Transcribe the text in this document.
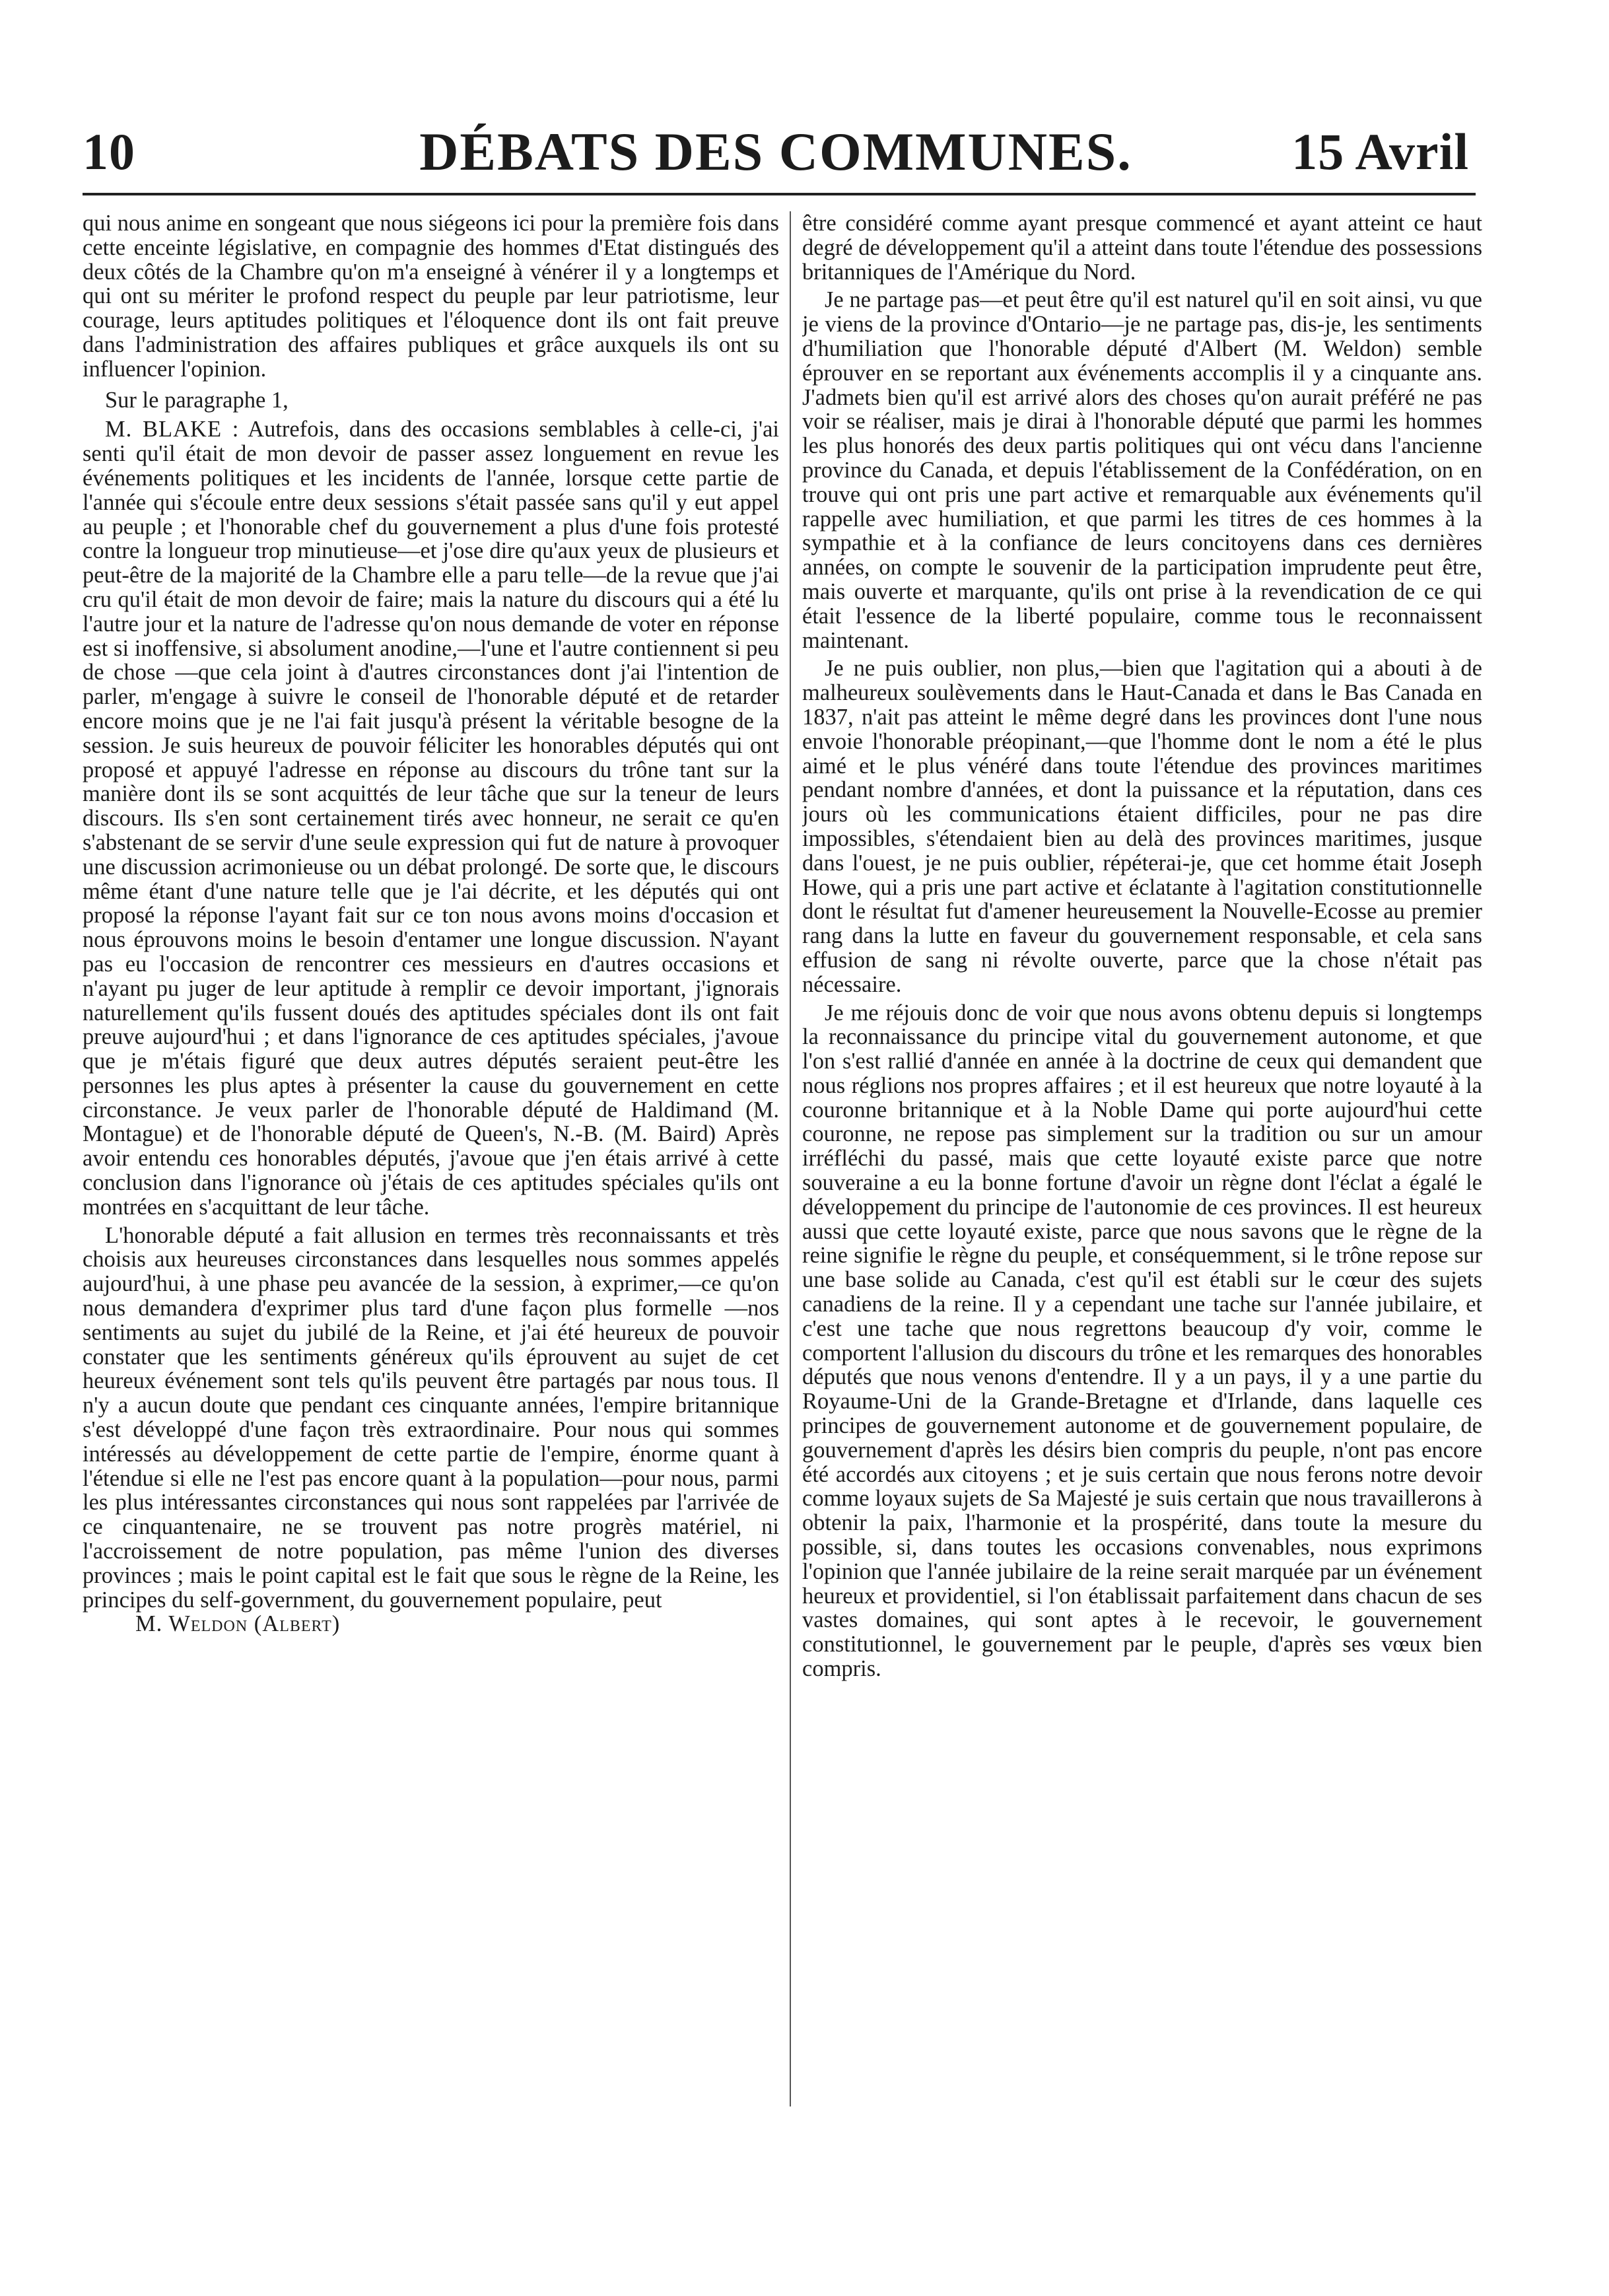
10	DÉBATS DES COMMUNES.	15 Avril

qui nous anime en songeant que nous siégeons ici pour la première fois dans cette enceinte législative, en compagnie des hommes d'Etat distingués des deux côtés de la Chambre qu'on m'a enseigné à vénérer il y a longtemps et qui ont su mériter le profond respect du peuple par leur patriotisme, leur courage, leurs aptitudes politiques et l'éloquence dont ils ont fait preuve dans l'administration des affaires publiques et grâce auxquels ils ont su influencer l'opinion.

Sur le paragraphe 1,

M. BLAKE : Autrefois, dans des occasions semblables à celle-ci, j'ai senti qu'il était de mon devoir de passer assez longuement en revue les événements politiques et les incidents de l'année, lorsque cette partie de l'année qui s'écoule entre deux sessions s'était passée sans qu'il y eut appel au peuple ; et l'honorable chef du gouvernement a plus d'une fois protesté contre la longueur trop minutieuse—et j'ose dire qu'aux yeux de plusieurs et peut-être de la majorité de la Chambre elle a paru telle—de la revue que j'ai cru qu'il était de mon devoir de faire; mais la nature du discours qui a été lu l'autre jour et la nature de l'adresse qu'on nous demande de voter en réponse est si inoffensive, si absolument anodine,—l'une et l'autre contiennent si peu de chose —que cela joint à d'autres circonstances dont j'ai l'intention de parler, m'engage à suivre le conseil de l'honorable député et de retarder encore moins que je ne l'ai fait jusqu'à présent la véritable besogne de la session. Je suis heureux de pouvoir féliciter les honorables députés qui ont proposé et appuyé l'adresse en réponse au discours du trône tant sur la manière dont ils se sont acquittés de leur tâche que sur la teneur de leurs discours. Ils s'en sont certainement tirés avec honneur, ne serait ce qu'en s'abstenant de se servir d'une seule expression qui fut de nature à provoquer une discussion acrimonieuse ou un débat prolongé. De sorte que, le discours même étant d'une nature telle que je l'ai décrite, et les députés qui ont proposé la réponse l'ayant fait sur ce ton nous avons moins d'occasion et nous éprouvons moins le besoin d'entamer une longue discussion. N'ayant pas eu l'occasion de rencontrer ces messieurs en d'autres occasions et n'ayant pu juger de leur aptitude à remplir ce devoir important, j'ignorais naturellement qu'ils fussent doués des aptitudes spéciales dont ils ont fait preuve aujourd'hui ; et dans l'ignorance de ces aptitudes spéciales, j'avoue que je m'étais figuré que deux autres députés seraient peut-être les personnes les plus aptes à présenter la cause du gouvernement en cette circonstance. Je veux parler de l'honorable député de Haldimand (M. Montague) et de l'honorable député de Queen's, N.-B. (M. Baird) Après avoir entendu ces honorables députés, j'avoue que j'en étais arrivé à cette conclusion dans l'ignorance où j'étais de ces aptitudes spéciales qu'ils ont montrées en s'acquittant de leur tâche.

L'honorable député a fait allusion en termes très reconnaissants et très choisis aux heureuses circonstances dans lesquelles nous sommes appelés aujourd'hui, à une phase peu avancée de la session, à exprimer,—ce qu'on nous demandera d'exprimer plus tard d'une façon plus formelle —nos sentiments au sujet du jubilé de la Reine, et j'ai été heureux de pouvoir constater que les sentiments généreux qu'ils éprouvent au sujet de cet heureux événement sont tels qu'ils peuvent être partagés par nous tous. Il n'y a aucun doute que pendant ces cinquante années, l'empire britannique s'est développé d'une façon très extraordinaire. Pour nous qui sommes intéressés au développement de cette partie de l'empire, énorme quant à l'étendue si elle ne l'est pas encore quant à la population—pour nous, parmi les plus intéressantes circonstances qui nous sont rappelées par l'arrivée de ce cinquantenaire, ne se trouvent pas notre progrès matériel, ni l'accroissement de notre population, pas même l'union des diverses provinces ; mais le point capital est le fait que sous le règne de la Reine, les principes du self-government, du gouvernement populaire, peut

M. Weldon (Albert)

être considéré comme ayant presque commencé et ayant atteint ce haut degré de développement qu'il a atteint dans toute l'étendue des possessions britanniques de l'Amérique du Nord.

Je ne partage pas—et peut être qu'il est naturel qu'il en soit ainsi, vu que je viens de la province d'Ontario—je ne partage pas, dis-je, les sentiments d'humiliation que l'honorable député d'Albert (M. Weldon) semble éprouver en se reportant aux événements accomplis il y a cinquante ans. J'admets bien qu'il est arrivé alors des choses qu'on aurait préféré ne pas voir se réaliser, mais je dirai à l'honorable député que parmi les hommes les plus honorés des deux partis politiques qui ont vécu dans l'ancienne province du Canada, et depuis l'établissement de la Confédération, on en trouve qui ont pris une part active et remarquable aux événements qu'il rappelle avec humiliation, et que parmi les titres de ces hommes à la sympathie et à la confiance de leurs concitoyens dans ces dernières années, on compte le souvenir de la participation imprudente peut être, mais ouverte et marquante, qu'ils ont prise à la revendication de ce qui était l'essence de la liberté populaire, comme tous le reconnaissent maintenant.

Je ne puis oublier, non plus,—bien que l'agitation qui a abouti à de malheureux soulèvements dans le Haut-Canada et dans le Bas Canada en 1837, n'ait pas atteint le même degré dans les provinces dont l'une nous envoie l'honorable préopinant,—que l'homme dont le nom a été le plus aimé et le plus vénéré dans toute l'étendue des provinces maritimes pendant nombre d'années, et dont la puissance et la réputation, dans ces jours où les communications étaient difficiles, pour ne pas dire impossibles, s'étendaient bien au delà des provinces maritimes, jusque dans l'ouest, je ne puis oublier, répéterai-je, que cet homme était Joseph Howe, qui a pris une part active et éclatante à l'agitation constitutionnelle dont le résultat fut d'amener heureusement la Nouvelle-Ecosse au premier rang dans la lutte en faveur du gouvernement responsable, et cela sans effusion de sang ni révolte ouverte, parce que la chose n'était pas nécessaire.

Je me réjouis donc de voir que nous avons obtenu depuis si longtemps la reconnaissance du principe vital du gouvernement autonome, et que l'on s'est rallié d'année en année à la doctrine de ceux qui demandent que nous réglions nos propres affaires ; et il est heureux que notre loyauté à la couronne britannique et à la Noble Dame qui porte aujourd'hui cette couronne, ne repose pas simplement sur la tradition ou sur un amour irréfléchi du passé, mais que cette loyauté existe parce que notre souveraine a eu la bonne fortune d'avoir un règne dont l'éclat a égalé le développement du principe de l'autonomie de ces provinces. Il est heureux aussi que cette loyauté existe, parce que nous savons que le règne de la reine signifie le règne du peuple, et conséquemment, si le trône repose sur une base solide au Canada, c'est qu'il est établi sur le cœur des sujets canadiens de la reine. Il y a cependant une tache sur l'année jubilaire, et c'est une tache que nous regrettons beaucoup d'y voir, comme le comportent l'allusion du discours du trône et les remarques des honorables députés que nous venons d'entendre. Il y a un pays, il y a une partie du Royaume-Uni de la Grande-Bretagne et d'Irlande, dans laquelle ces principes de gouvernement autonome et de gouvernement populaire, de gouvernement d'après les désirs bien compris du peuple, n'ont pas encore été accordés aux citoyens ; et je suis certain que nous ferons notre devoir comme loyaux sujets de Sa Majesté je suis certain que nous travaillerons à obtenir la paix, l'harmonie et la prospérité, dans toute la mesure du possible, si, dans toutes les occasions convenables, nous exprimons l'opinion que l'année jubilaire de la reine serait marquée par un événement heureux et providentiel, si l'on établissait parfaitement dans chacun de ses vastes domaines, qui sont aptes à le recevoir, le gouvernement constitutionnel, le gouvernement par le peuple, d'après ses vœux bien compris.
